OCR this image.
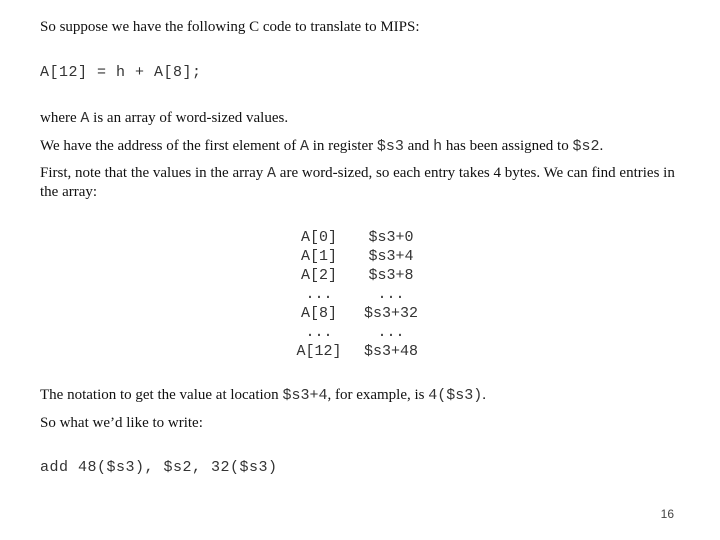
So suppose we have the following C code to translate to MIPS:
A[12] = h + A[8];
where A is an array of word-sized values.
We have the address of the first element of A in register $s3 and h has been assigned to $s2.
First, note that the values in the array A are word-sized, so each entry takes 4 bytes. We can find entries in the array:
A[0]	$s3+0
A[1]	$s3+4
A[2]	$s3+8
...	...
A[8]	$s3+32
...	...
A[12]	$s3+48
The notation to get the value at location $s3+4, for example, is 4($s3).
So what we’d like to write:
add 48($s3), $s2, 32($s3)
16
